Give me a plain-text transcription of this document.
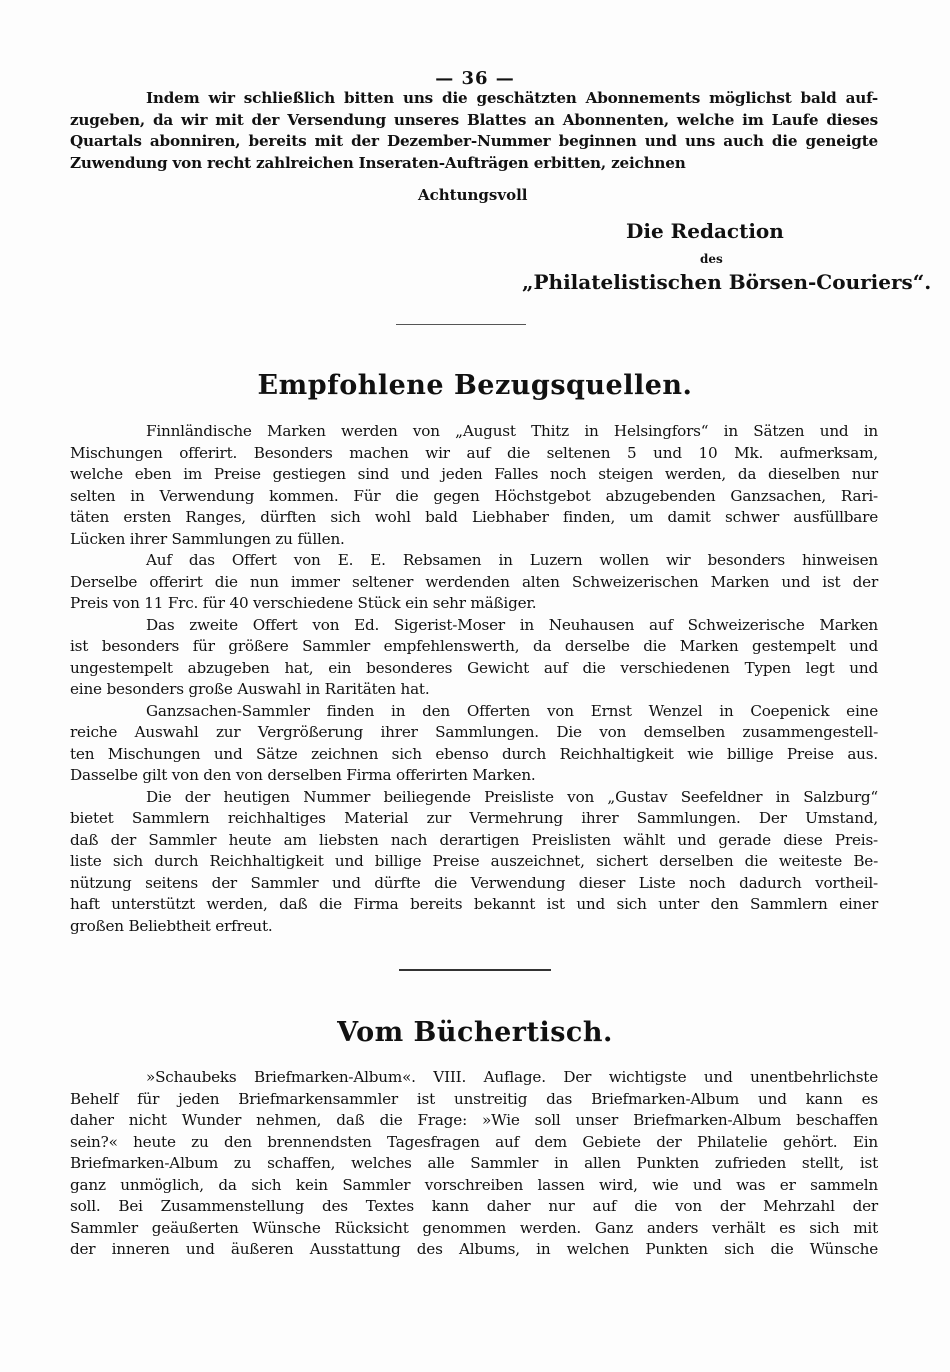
— 36 —
Indem wir schließlich bitten uns die geschätzten Abonnements möglichst bald auf-
zugeben, da wir mit der Versendung unseres Blattes an Abonnenten, welche im Laufe dieses
Quartals abonniren, bereits mit der Dezember-Nummer beginnen und uns auch die geneigte
Zuwendung von recht zahlreichen Inseraten-Aufträgen erbitten, zeichnen
Achtungsvoll
Die Redaction
des
„Philatelistischen Börsen-Couriers“.
Empfohlene Bezugsquellen.
Finnländische Marken werden von „August Thitz in Helsingfors“ in Sätzen und in
Mischungen offerirt. Besonders machen wir auf die seltenen 5 und 10 Mk. aufmerksam,
welche eben im Preise gestiegen sind und jeden Falles noch steigen werden, da dieselben nur
selten in Verwendung kommen. Für die gegen Höchstgebot abzugebenden Ganzsachen, Rari-
täten ersten Ranges, dürften sich wohl bald Liebhaber finden, um damit schwer ausfüllbare
Lücken ihrer Sammlungen zu füllen.
Auf das Offert von E. E. Rebsamen in Luzern wollen wir besonders hinweisen
Derselbe offerirt die nun immer seltener werdenden alten Schweizerischen Marken und ist der
Preis von 11 Frc. für 40 verschiedene Stück ein sehr mäßiger.
Das zweite Offert von Ed. Sigerist-Moser in Neuhausen auf Schweizerische Marken
ist besonders für größere Sammler empfehlenswerth, da derselbe die Marken gestempelt und
ungestempelt abzugeben hat, ein besonderes Gewicht auf die verschiedenen Typen legt und
eine besonders große Auswahl in Raritäten hat.
Ganzsachen-Sammler finden in den Offerten von Ernst Wenzel in Coepenick eine
reiche Auswahl zur Vergrößerung ihrer Sammlungen. Die von demselben zusammengestell-
ten Mischungen und Sätze zeichnen sich ebenso durch Reichhaltigkeit wie billige Preise aus.
Dasselbe gilt von den von derselben Firma offerirten Marken.
Die der heutigen Nummer beiliegende Preisliste von „Gustav Seefeldner in Salzburg“
bietet Sammlern reichhaltiges Material zur Vermehrung ihrer Sammlungen. Der Umstand,
daß der Sammler heute am liebsten nach derartigen Preislisten wählt und gerade diese Preis-
liste sich durch Reichhaltigkeit und billige Preise auszeichnet, sichert derselben die weiteste Be-
nützung seitens der Sammler und dürfte die Verwendung dieser Liste noch dadurch vortheil-
haft unterstützt werden, daß die Firma bereits bekannt ist und sich unter den Sammlern einer
großen Beliebtheit erfreut.
Vom Büchertisch.
»Schaubeks Briefmarken-Album«. VIII. Auflage. Der wichtigste und unentbehrlichste
Behelf für jeden Briefmarkensammler ist unstreitig das Briefmarken-Album und kann es
daher nicht Wunder nehmen, daß die Frage: »Wie soll unser Briefmarken-Album beschaffen
sein?« heute zu den brennendsten Tagesfragen auf dem Gebiete der Philatelie gehört. Ein
Briefmarken-Album zu schaffen, welches alle Sammler in allen Punkten zufrieden stellt, ist
ganz unmöglich, da sich kein Sammler vorschreiben lassen wird, wie und was er sammeln
soll. Bei Zusammenstellung des Textes kann daher nur auf die von der Mehrzahl der
Sammler geäußerten Wünsche Rücksicht genommen werden. Ganz anders verhält es sich mit
der inneren und äußeren Ausstattung des Albums, in welchen Punkten sich die Wünsche
